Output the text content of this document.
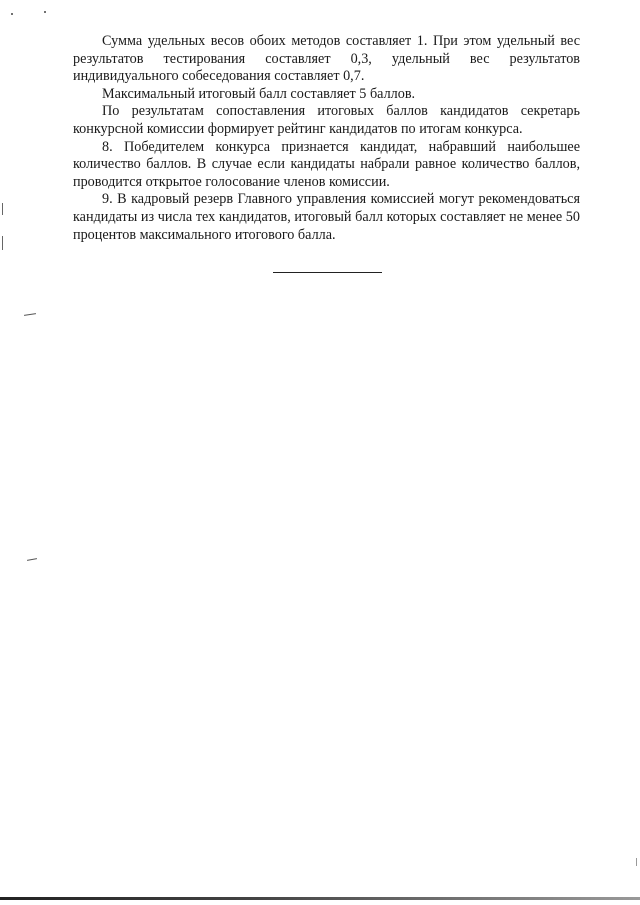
Сумма удельных весов обоих методов составляет 1. При этом удельный вес результатов тестирования составляет 0,3, удельный вес результатов индивидуального собеседования составляет 0,7.

Максимальный итоговый балл составляет 5 баллов.

По результатам сопоставления итоговых баллов кандидатов секретарь конкурсной комиссии формирует рейтинг кандидатов по итогам конкурса.

8. Победителем конкурса признается кандидат, набравший наибольшее количество баллов. В случае если кандидаты набрали равное количество баллов, проводится открытое голосование членов комиссии.

9. В кадровый резерв Главного управления комиссией могут рекомендоваться кандидаты из числа тех кандидатов, итоговый балл которых составляет не менее 50 процентов максимального итогового балла.
